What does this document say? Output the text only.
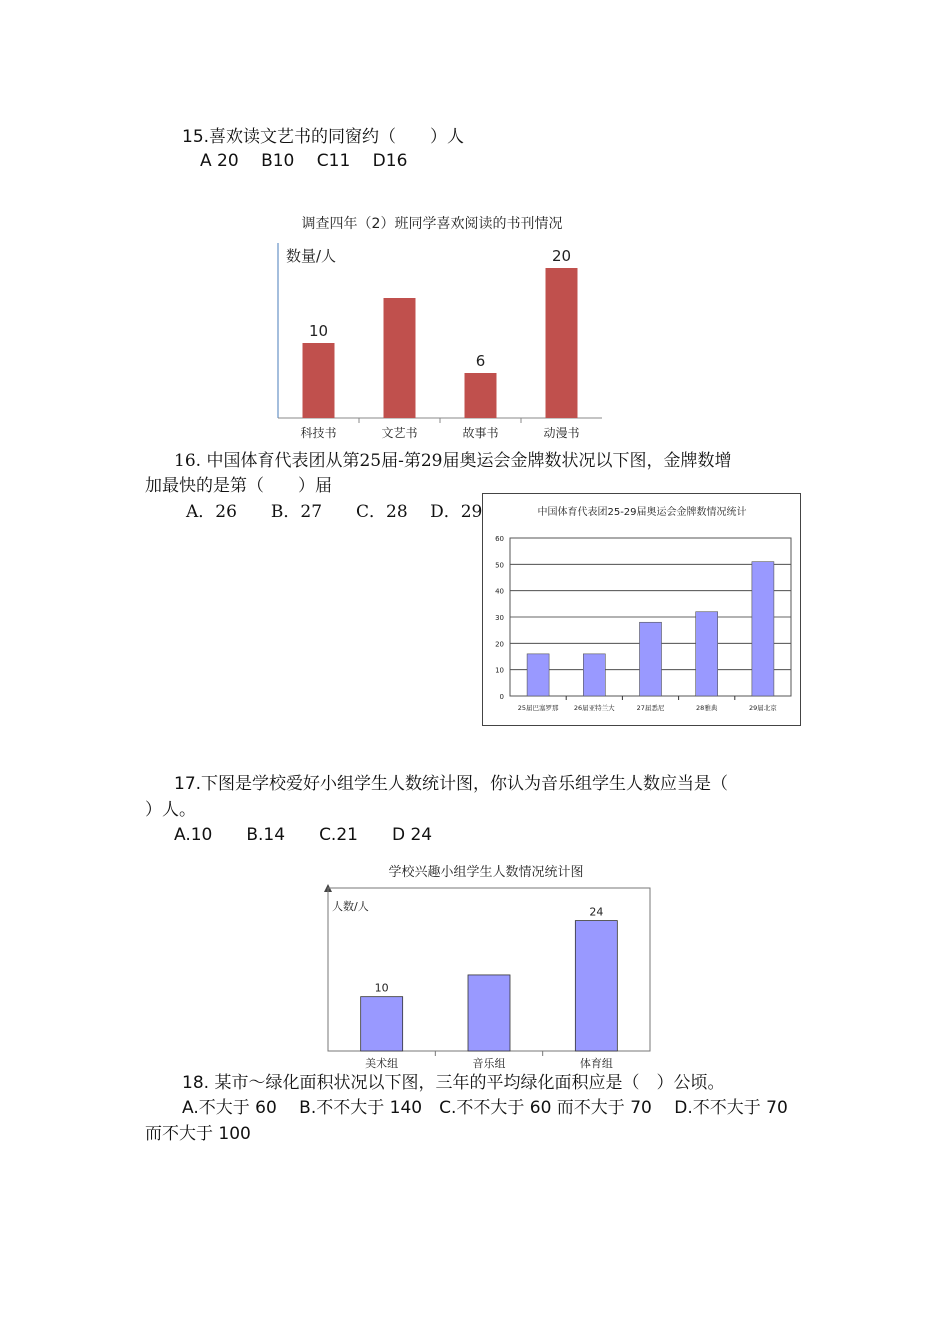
15.喜欢读文艺书的同窗约（　　）人
A 20　 B10　 C11　 D16
调查四年（2）班同学喜欢阅读的书刊情况
数量/人
10
科技书	文艺书
6
故事书
20
动漫书
16. 中国体育代表团从第25届-第29届奥运会金牌数状况以下图，金牌数增
加最快的是第（　　）届
A．26　　B．27　　C．28　 D．29	中国体育代表团25-29届奥运会金牌数情况统计
0
10
20
30
40
50
60
25届巴塞罗那 26届亚特兰大	27届悉尼	28雅典	29届北京
17.下图是学校爱好小组学生人数统计图，你认为音乐组学生人数应当是（
）人。
A.10　　B.14　　C.21　　D 24
学校兴趣小组学生人数情况统计图
人数/人
10
美术组	音乐组
24
体育组
18. 某市～绿化面积状况以下图，三年的平均绿化面积应是（　）公顷。
A.不大于 60　 B.不不大于 140　C.不不大于 60 而不大于 70　 D.不不大于 70
而不大于 100
